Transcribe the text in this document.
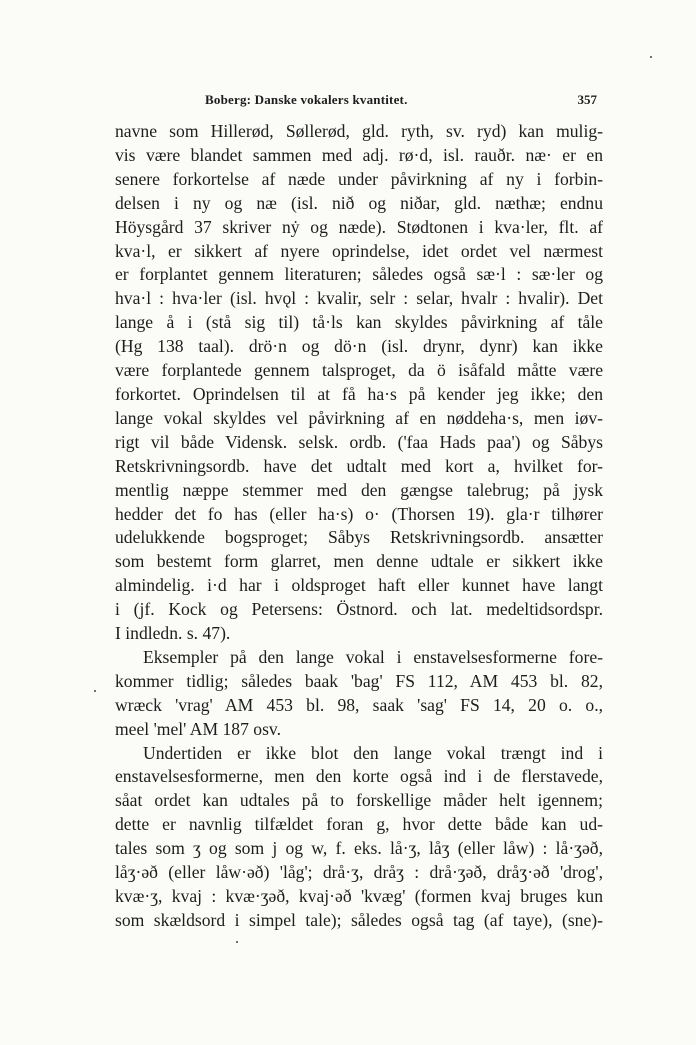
Boberg: Danske vokalers kvantitet.	357
navne som Hillerød, Søllerød, gld. ryth, sv. ryd) kan mulig-
vis være blandet sammen med adj. rø·d, isl. rauðr. næ· er en
senere forkortelse af næde under påvirkning af ny i forbin-
delsen i ny og næ (isl. nið og niðar, gld. næthæ; endnu
Höysgård 37 skriver nẏ og næde). Stødtonen i kva·ler, flt. af
kva·l, er sikkert af nyere oprindelse, idet ordet vel nærmest
er forplantet gennem literaturen; således også sæ·l : sæ·ler og
hva·l : hva·ler (isl. hvǫl : kvalir, selr : selar, hvalr : hvalir). Det
lange å i (stå sig til) tå·ls kan skyldes påvirkning af tåle
(Hg 138 taal). drö·n og dö·n (isl. drynr, dynr) kan ikke
være forplantede gennem talsproget, da ö isåfald måtte være
forkortet. Oprindelsen til at få ha·s på kender jeg ikke; den
lange vokal skyldes vel påvirkning af en nøddeha·s, men iøv-
rigt vil både Vidensk. selsk. ordb. ('faa Hads paa') og Såbys
Retskrivningsordb. have det udtalt med kort a, hvilket for-
mentlig næppe stemmer med den gængse talebrug; på jysk
hedder det fo has (eller ha·s) o· (Thorsen 19). gla·r tilhører
udelukkende bogsproget; Såbys Retskrivningsordb. ansætter
som bestemt form glarret, men denne udtale er sikkert ikke
almindelig. i·d har i oldsproget haft eller kunnet have langt
i (jf. Kock og Petersens: Östnord. och lat. medeltidsordspr.
I indledn. s. 47).
Eksempler på den lange vokal i enstavelsesformerne fore-
kommer tidlig; således baak 'bag' FS 112, AM 453 bl. 82,
wræck 'vrag' AM 453 bl. 98, saak 'sag' FS 14, 20 o. o.,
meel 'mel' AM 187 osv.
Undertiden er ikke blot den lange vokal trængt ind i
enstavelsesformerne, men den korte også ind i de flerstavede,
såat ordet kan udtales på to forskellige måder helt igennem;
dette er navnlig tilfældet foran g, hvor dette både kan ud-
tales som ʒ og som j og w, f. eks. lå·ʒ, låʒ (eller låw) : lå·ʒəð,
låʒ·əð (eller låw·əð) 'låg'; drå·ʒ, dråʒ : drå·ʒəð, dråʒ·əð 'drog',
kvæ·ʒ, kvaj : kvæ·ʒəð, kvaj·əð 'kvæg' (formen kvaj bruges kun
som skældsord i simpel tale); således også tag (af taye), (sne)-
